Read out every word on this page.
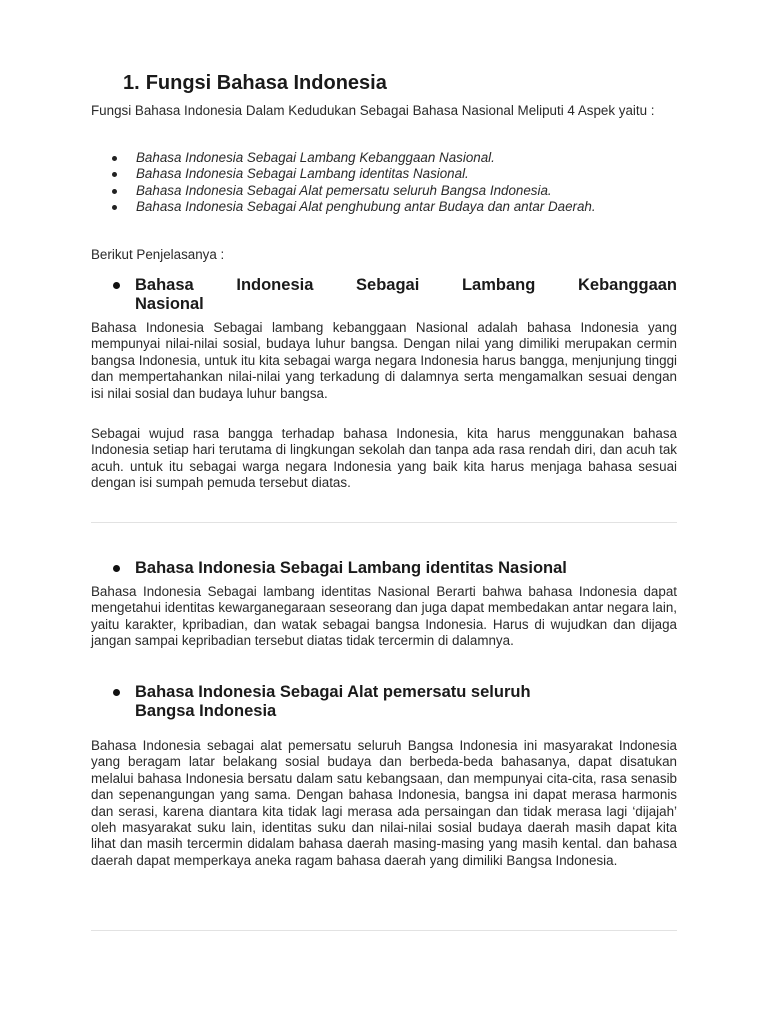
1. Fungsi Bahasa Indonesia

Fungsi Bahasa Indonesia Dalam Kedudukan Sebagai Bahasa Nasional Meliputi 4 Aspek yaitu :

Bahasa Indonesia Sebagai Lambang Kebanggaan Nasional.
Bahasa Indonesia Sebagai Lambang identitas Nasional.
Bahasa Indonesia Sebagai Alat pemersatu seluruh Bangsa Indonesia.
Bahasa Indonesia Sebagai Alat penghubung antar Budaya dan antar Daerah.

Berikut Penjelasanya :

Bahasa Indonesia Sebagai Lambang Kebanggaan
Nasional

Bahasa Indonesia Sebagai lambang kebanggaan Nasional adalah bahasa Indonesia yang mempunyai nilai-nilai sosial, budaya luhur bangsa. Dengan nilai yang dimiliki merupakan cermin bangsa Indonesia, untuk itu kita sebagai warga negara Indonesia harus bangga, menjunjung tinggi dan mempertahankan nilai-nilai yang terkadung di dalamnya serta mengamalkan sesuai dengan isi nilai sosial dan budaya luhur bangsa.

Sebagai wujud rasa bangga terhadap bahasa Indonesia, kita harus menggunakan bahasa Indonesia setiap hari terutama di lingkungan sekolah dan tanpa ada rasa rendah diri, dan acuh tak acuh. untuk itu sebagai warga negara Indonesia yang baik kita harus menjaga bahasa sesuai dengan isi sumpah pemuda tersebut diatas.

Bahasa Indonesia Sebagai Lambang identitas Nasional

Bahasa Indonesia Sebagai lambang identitas Nasional Berarti bahwa bahasa Indonesia dapat mengetahui identitas kewarganegaraan seseorang dan juga dapat membedakan antar negara lain, yaitu karakter, kpribadian, dan watak sebagai bangsa Indonesia. Harus di wujudkan dan dijaga jangan sampai kepribadian tersebut diatas tidak tercermin di dalamnya.

Bahasa Indonesia Sebagai Alat pemersatu seluruh
Bangsa Indonesia

Bahasa Indonesia sebagai alat pemersatu seluruh Bangsa Indonesia ini masyarakat Indonesia yang beragam latar belakang sosial budaya dan berbeda-beda bahasanya, dapat disatukan melalui bahasa Indonesia bersatu dalam satu kebangsaan, dan mempunyai cita-cita, rasa senasib dan sepenangungan yang sama. Dengan bahasa Indonesia, bangsa ini dapat merasa harmonis dan serasi, karena diantara kita tidak lagi merasa ada persaingan dan tidak merasa lagi ‘dijajah’ oleh masyarakat suku lain, identitas suku dan nilai-nilai sosial budaya daerah masih dapat kita lihat dan masih tercermin didalam bahasa daerah masing-masing yang masih kental. dan bahasa daerah dapat memperkaya aneka ragam bahasa daerah yang dimiliki Bangsa Indonesia.
